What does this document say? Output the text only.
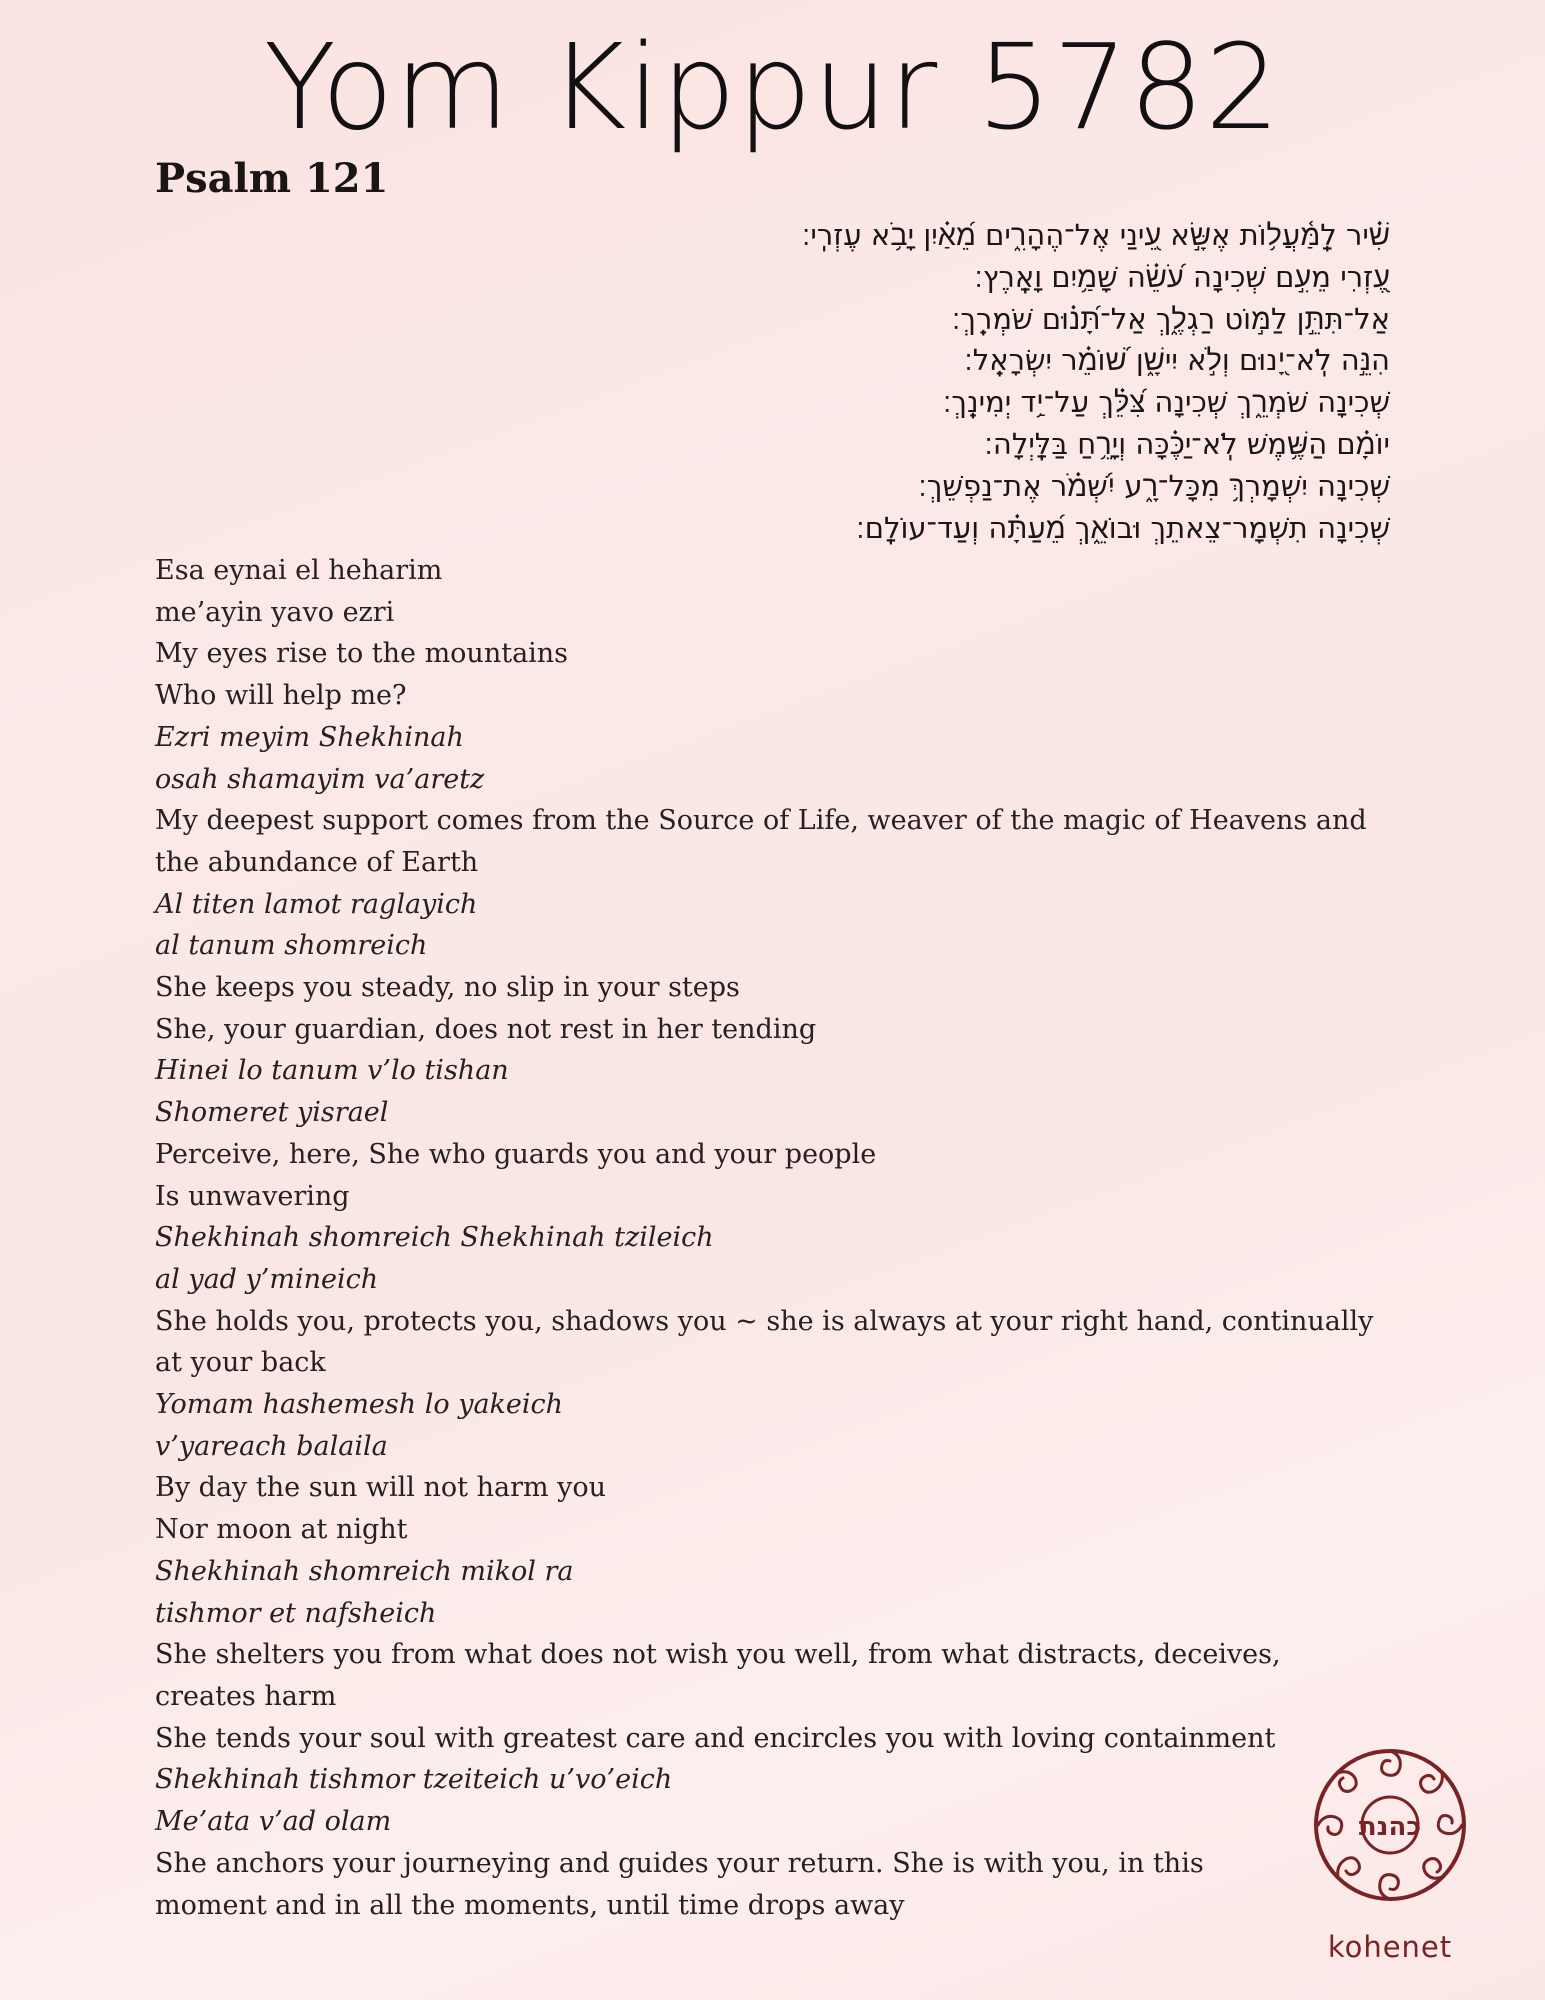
Yom Kippur 5782
Psalm 121
שִׁ֗יר לַֽמַּ֫עֲל֥וֹת אֶשָּׂ֣א עֵ֭ינַי אֶל־הֶהָרִ֑ים מֵ֝אַ֗יִן יָבֹ֥א עֶזְרִֽי׃
עֶ֭זְרִי מֵעִ֣ם שְׁכִינָה עֹ֝שֵׂ֗ה שָׁמַ֥יִם וָאָֽרֶץ׃
אַל־תִּתֵּ֣ן לַמּ֣וֹט רַגְלֶ֑ךְ אַל־תָּ֝נ֗וּם שֹׁמְרֵֽךְ׃
הִנֵּ֣ה לֹֽא־יָ֭נוּם וְלֹ֣א יִישָׁ֑ן שׁ֝וֹמֵ֗ר יִשְׂרָאֵֽל׃
שְׁכִינָה שֹׁמְרֵ֑ךְ שְׁכִינָה צִּ֝לֵּ֗ךְ עַל־יַ֥ד יְמִינֵֽךְ׃
יוֹמָ֗ם הַשֶּׁ֥מֶשׁ לֹֽא־יַכֶּ֗כָּה וְיָרֵ֥חַ בַּלָּֽיְלָה׃
שְׁכִינָה יִשְׁמָרְךְ֥ מִכָּל־רָ֑ע יִ֝שְׁמֹ֗ר אֶת־נַפְשֵׁךְ׃
שְׁכִינָה תִשְׁמָר־צֵאתֵךְ וּבוֹאֵ֑ךְ מֵ֝עַתָּ֗ה וְעַד־עוֹלָֽם׃
Esa eynai el heharim
me’ayin yavo ezri
My eyes rise to the mountains
Who will help me?
Ezri meyim Shekhinah
osah shamayim va’aretz
My deepest support comes from the Source of Life, weaver of the magic of Heavens and
the abundance of Earth
Al titen lamot raglayich
al tanum shomreich
She keeps you steady, no slip in your steps
She, your guardian, does not rest in her tending
Hinei lo tanum v’lo tishan
Shomeret yisrael
Perceive, here, She who guards you and your people
Is unwavering
Shekhinah shomreich Shekhinah tzileich
al yad y’mineich
She holds you, protects you, shadows you ~ she is always at your right hand, continually
at your back
Yomam hashemesh lo yakeich
v’yareach balaila
By day the sun will not harm you
Nor moon at night
Shekhinah shomreich mikol ra
tishmor et nafsheich
She shelters you from what does not wish you well, from what distracts, deceives,
creates harm
She tends your soul with greatest care and encircles you with loving containment
Shekhinah tishmor tzeiteich u’vo’eich
Me’ata v’ad olam
She anchors your journeying and guides your return. She is with you, in this
moment and in all the moments, until time drops away
כהנת
kohenet
